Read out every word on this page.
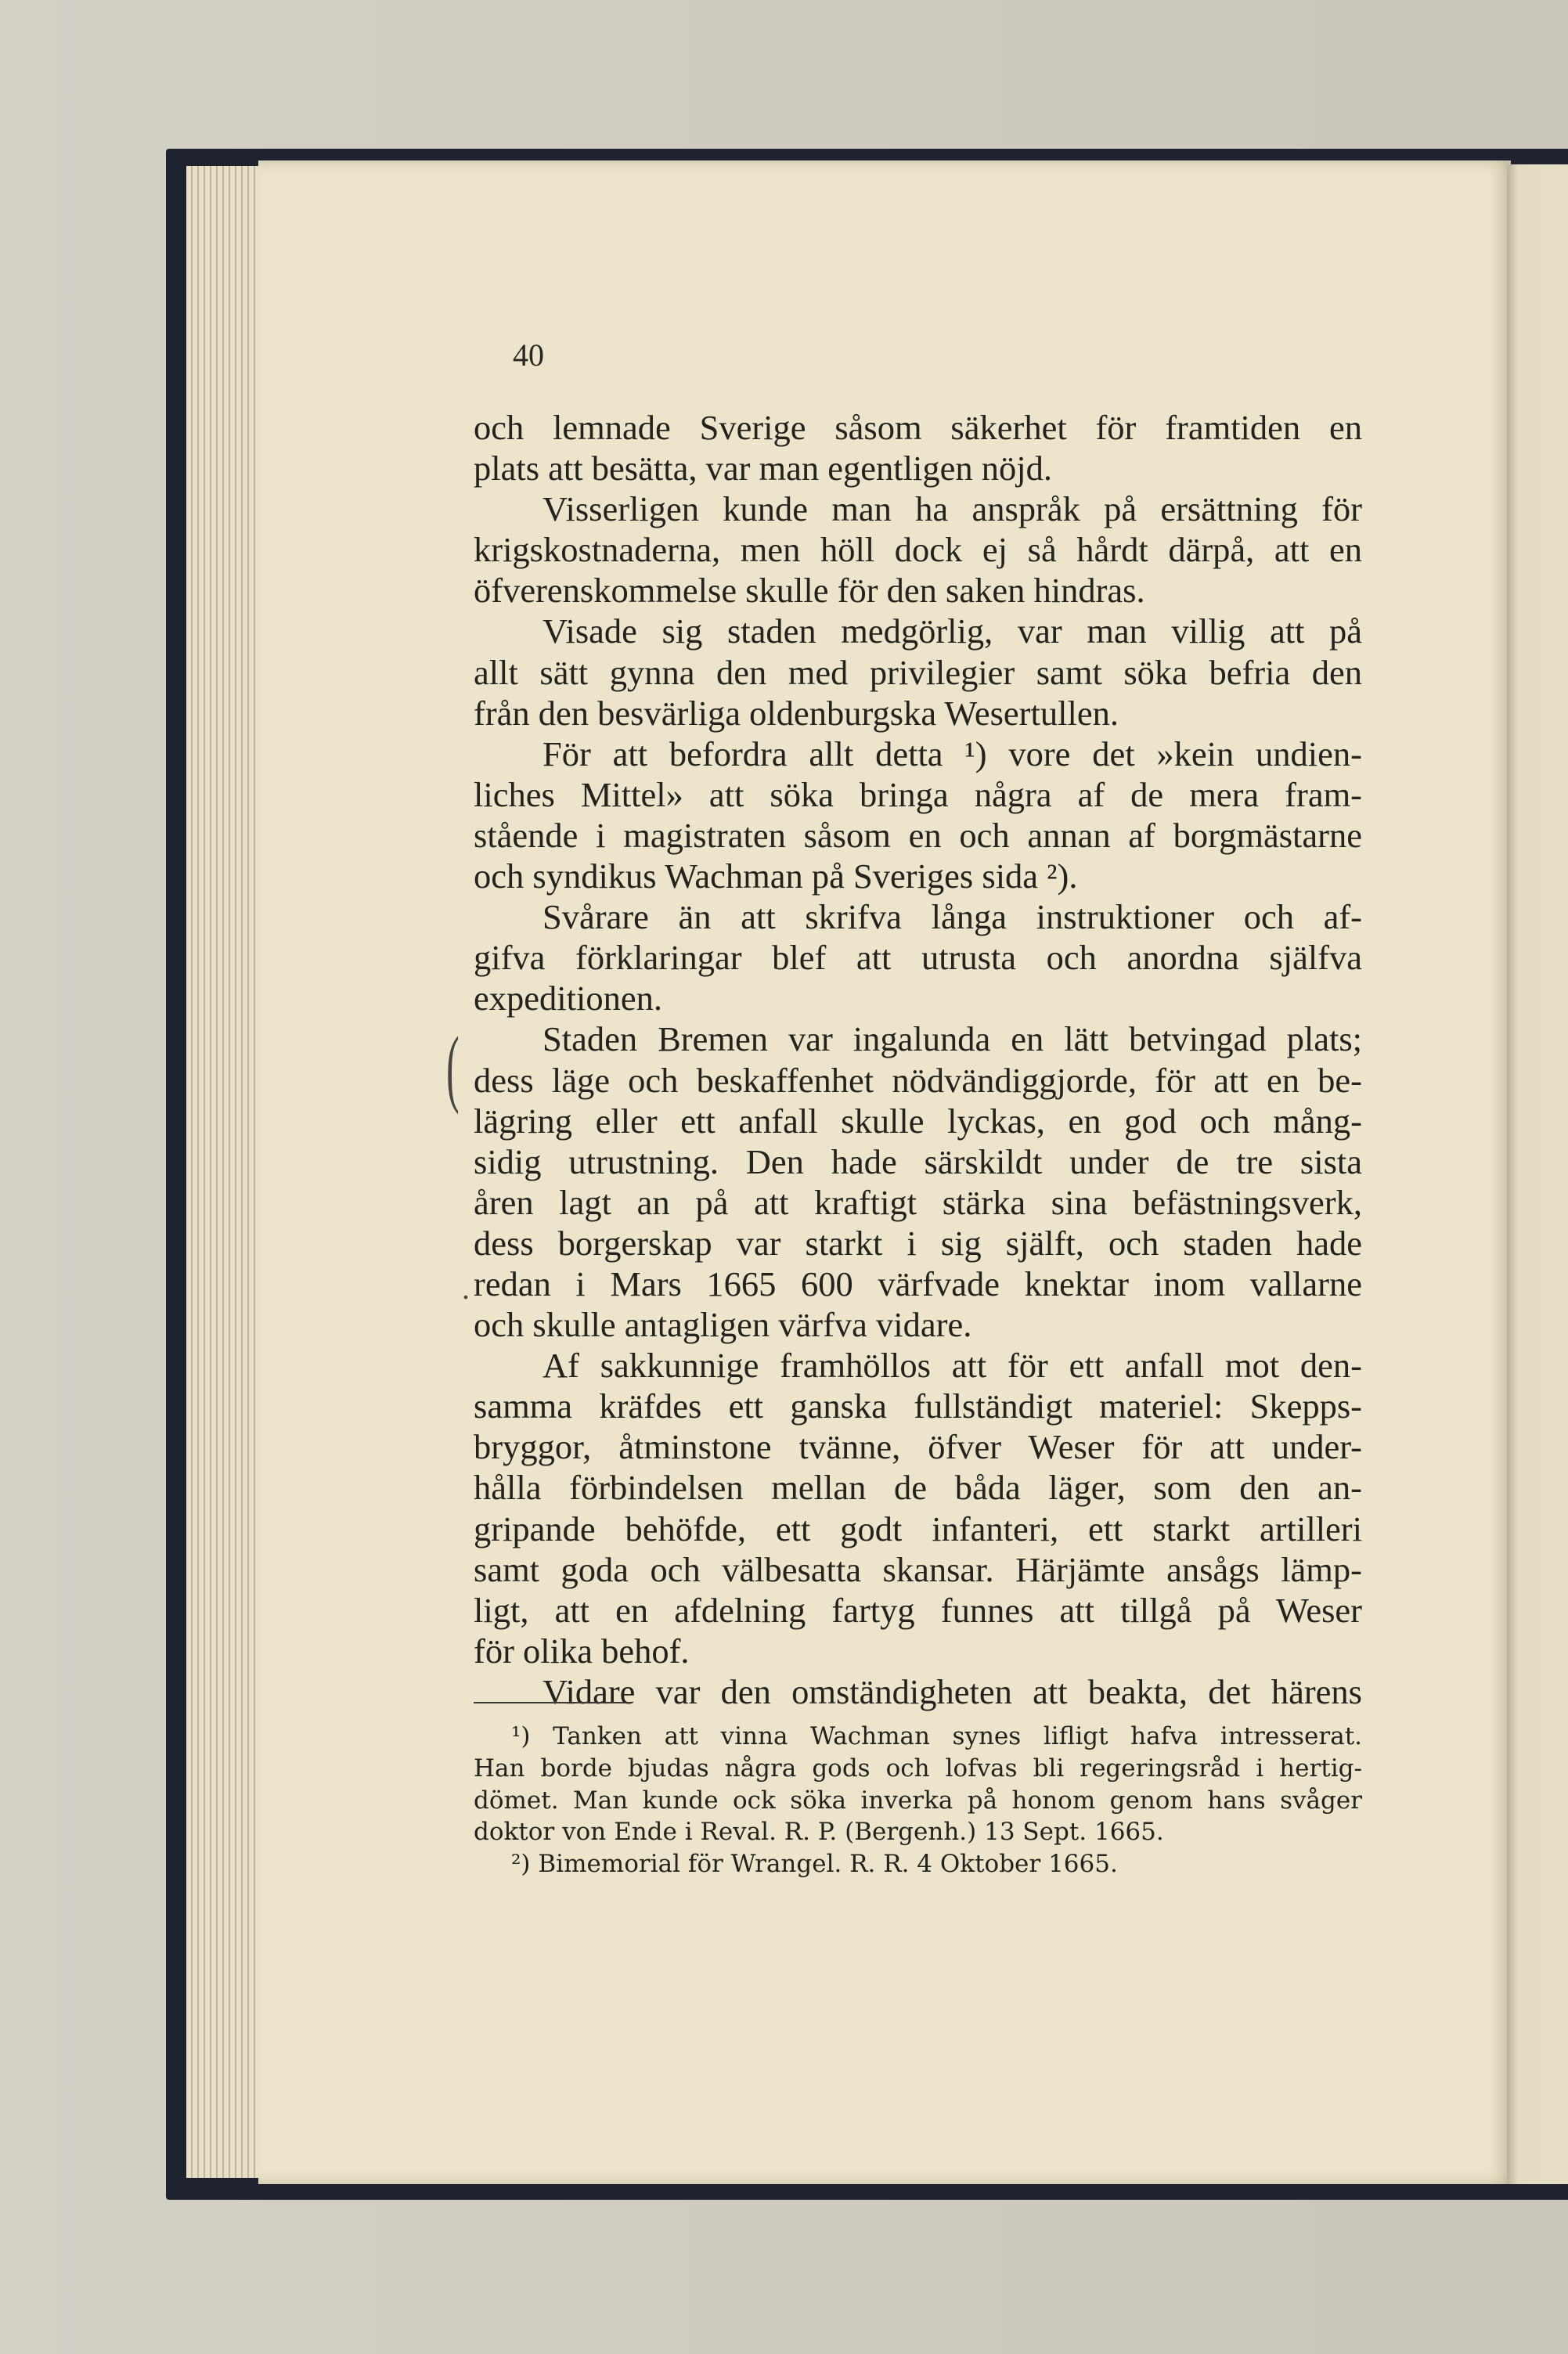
40
(
.
och lemnade Sverige såsom säkerhet för framtiden en
plats att besätta, var man egentligen nöjd.
Visserligen kunde man ha anspråk på ersättning för
krigskostnaderna, men höll dock ej så hårdt därpå, att en
öfverenskommelse skulle för den saken hindras.
Visade sig staden medgörlig, var man villig att på
allt sätt gynna den med privilegier samt söka befria den
från den besvärliga oldenburgska Wesertullen.
För att befordra allt detta ¹) vore det »kein undien-
liches Mittel» att söka bringa några af de mera fram-
stående i magistraten såsom en och annan af borgmästarne
och syndikus Wachman på Sveriges sida ²).
Svårare än att skrifva långa instruktioner och af-
gifva förklaringar blef att utrusta och anordna själfva
expeditionen.
Staden Bremen var ingalunda en lätt betvingad plats;
dess läge och beskaffenhet nödvändiggjorde, för att en be-
lägring eller ett anfall skulle lyckas, en god och mång-
sidig utrustning. Den hade särskildt under de tre sista
åren lagt an på att kraftigt stärka sina befästningsverk,
dess borgerskap var starkt i sig själft, och staden hade
redan i Mars 1665 600 värfvade knektar inom vallarne
och skulle antagligen värfva vidare.
Af sakkunnige framhöllos att för ett anfall mot den-
samma kräfdes ett ganska fullständigt materiel: Skepps-
bryggor, åtminstone tvänne, öfver Weser för att under-
hålla förbindelsen mellan de båda läger, som den an-
gripande behöfde, ett godt infanteri, ett starkt artilleri
samt goda och välbesatta skansar. Härjämte ansågs lämp-
ligt, att en afdelning fartyg funnes att tillgå på Weser
för olika behof.
Vidare var den omständigheten att beakta, det härens
¹) Tanken att vinna Wachman synes lifligt hafva intresserat.
Han borde bjudas några gods och lofvas bli regeringsråd i hertig-
dömet. Man kunde ock söka inverka på honom genom hans svåger
doktor von Ende i Reval. R. P. (Bergenh.) 13 Sept. 1665.
²) Bimemorial för Wrangel. R. R. 4 Oktober 1665.
